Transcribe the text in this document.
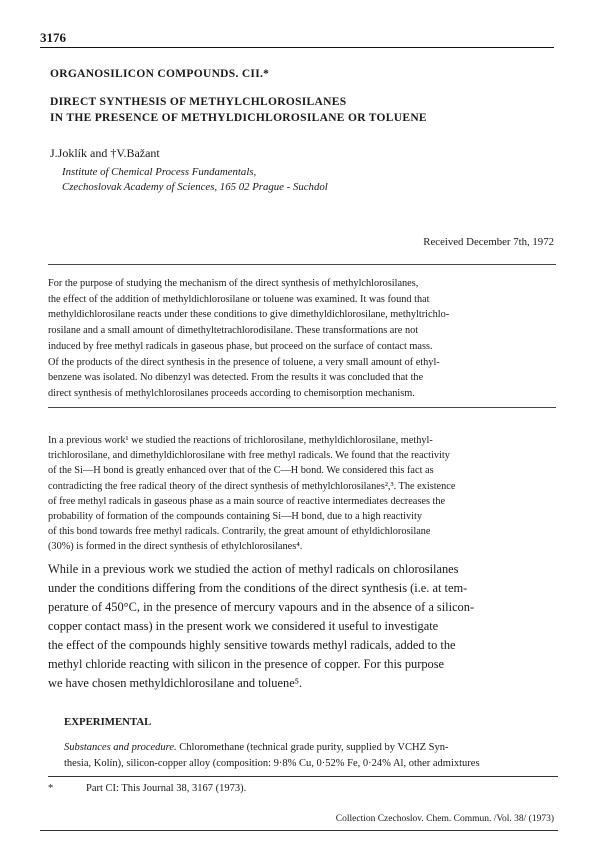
3176
ORGANOSILICON COMPOUNDS. CII.*
DIRECT SYNTHESIS OF METHYLCHLOROSILANES
IN THE PRESENCE OF METHYLDICHLOROSILANE OR TOLUENE
J.Joklík and †V.Bažant
Institute of Chemical Process Fundamentals,
Czechoslovak Academy of Sciences, 165 02 Prague - Suchdol
Received December 7th, 1972
For the purpose of studying the mechanism of the direct synthesis of methylchlorosilanes,
the effect of the addition of methyldichlorosilane or toluene was examined. It was found that
methyldichlorosilane reacts under these conditions to give dimethyldichlorosilane, methyltrichlo-
rosilane and a small amount of dimethyltetrachlorodisilane. These transformations are not
induced by free methyl radicals in gaseous phase, but proceed on the surface of contact mass.
Of the products of the direct synthesis in the presence of toluene, a very small amount of ethyl-
benzene was isolated. No dibenzyl was detected. From the results it was concluded that the
direct synthesis of methylchlorosilanes proceeds according to chemisorption mechanism.
In a previous work¹ we studied the reactions of trichlorosilane, methyldichlorosilane, methyl-
trichlorosilane, and dimethyldichlorosilane with free methyl radicals. We found that the reactivity
of the Si—H bond is greatly enhanced over that of the C—H bond. We considered this fact as
contradicting the free radical theory of the direct synthesis of methylchlorosilanes²,³. The existence
of free methyl radicals in gaseous phase as a main source of reactive intermediates decreases the
probability of formation of the compounds containing Si—H bond, due to a high reactivity
of this bond towards free methyl radicals. Contrarily, the great amount of ethyldichlorosilane
(30%) is formed in the direct synthesis of ethylchlorosilanes⁴.
While in a previous work we studied the action of methyl radicals on chlorosilanes
under the conditions differing from the conditions of the direct synthesis (i.e. at tem-
perature of 450°C, in the presence of mercury vapours and in the absence of a silicon-
copper contact mass) in the present work we considered it useful to investigate
the effect of the compounds highly sensitive towards methyl radicals, added to the
methyl chloride reacting with silicon in the presence of copper. For this purpose
we have chosen methyldichlorosilane and toluene⁵.
EXPERIMENTAL
Substances and procedure. Chloromethane (technical grade purity, supplied by VCHZ Syn-
thesia, Kolín), silicon-copper alloy (composition: 9·8% Cu, 0·52% Fe, 0·24% Al, other admixtures
*	Part CI: This Journal 38, 3167 (1973).
Collection Czechoslov. Chem. Commun. /Vol. 38/ (1973)
